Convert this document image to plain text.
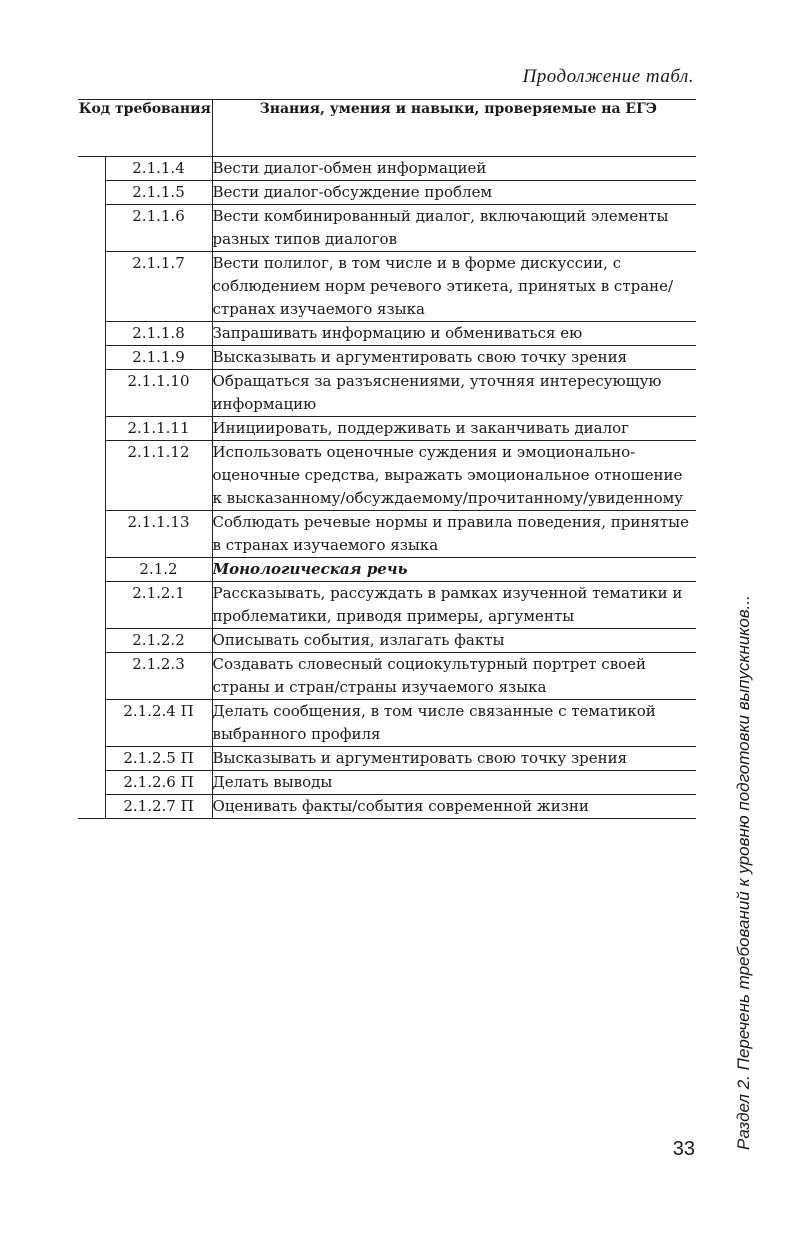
Продолжение табл.
Код требования		Знания, умения и навыки, проверяемые на ЕГЭ
	2.1.1.4	Вести диалог-обмен информацией
	2.1.1.5	Вести диалог-обсуждение проблем
	2.1.1.6	Вести комбинированный диалог, включающий элементы разных типов диалогов
	2.1.1.7	Вести полилог, в том числе и в форме дискуссии, с соблюдением норм речевого этикета, принятых в стране/странах изучаемого языка
	2.1.1.8	Запрашивать информацию и обмениваться ею
	2.1.1.9	Высказывать и аргументировать свою точку зрения
	2.1.1.10	Обращаться за разъяснениями, уточняя интересующую информацию
	2.1.1.11	Инициировать, поддерживать и заканчивать диалог
	2.1.1.12	Использовать оценочные суждения и эмоционально-оценочные средства, выражать эмоциональное отношение к высказанному/обсуждаемому/прочитанному/увиденному
	2.1.1.13	Соблюдать речевые нормы и правила поведения, принятые в странах изучаемого языка
	2.1.2	Монологическая речь
	2.1.2.1	Рассказывать, рассуждать в рамках изученной тематики и проблематики, приводя примеры, аргументы
	2.1.2.2	Описывать события, излагать факты
	2.1.2.3	Создавать словесный социокультурный портрет своей страны и стран/страны изучаемого языка
	2.1.2.4 П	Делать сообщения, в том числе связанные с тематикой выбранного профиля
	2.1.2.5 П	Высказывать и аргументировать свою точку зрения
	2.1.2.6 П	Делать выводы
	2.1.2.7 П	Оценивать факты/события современной жизни	Раздел 2. Перечень требований к уровню подготовки выпускников...
33
